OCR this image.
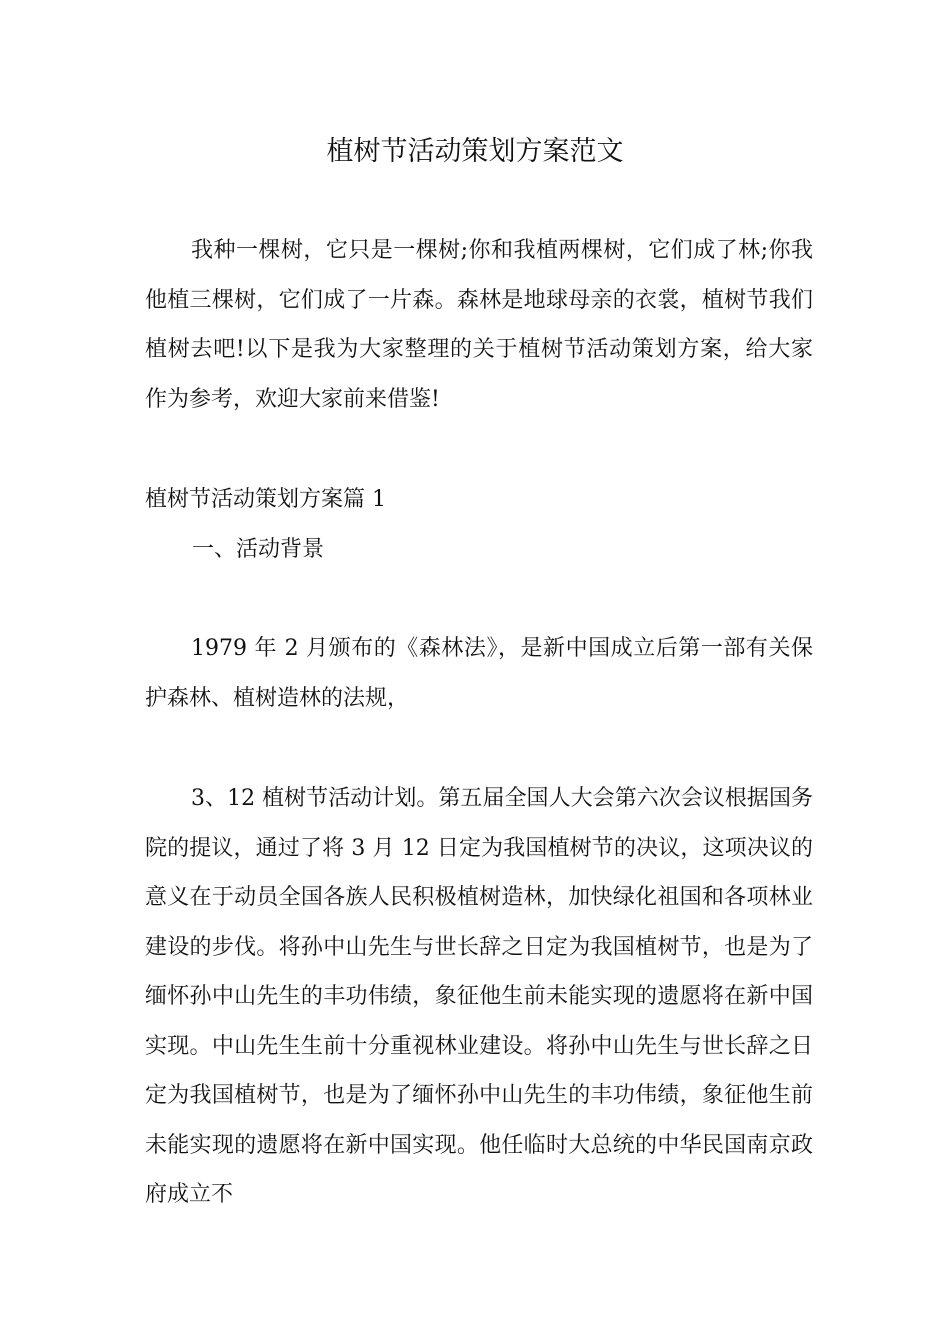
植树节活动策划方案范文

我种一棵树，它只是一棵树;你和我植两棵树，它们成了林;你我他植三棵树，它们成了一片森。森林是地球母亲的衣裳，植树节我们植树去吧!以下是我为大家整理的关于植树节活动策划方案，给大家作为参考，欢迎大家前来借鉴!

植树节活动策划方案篇 1

一、活动背景

1979 年 2 月颁布的《森林法》，是新中国成立后第一部有关保护森林、植树造林的法规，

3、12 植树节活动计划。第五届全国人大会第六次会议根据国务院的提议，通过了将 3 月 12 日定为我国植树节的决议，这项决议的意义在于动员全国各族人民积极植树造林，加快绿化祖国和各项林业建设的步伐。将孙中山先生与世长辞之日定为我国植树节，也是为了缅怀孙中山先生的丰功伟绩，象征他生前未能实现的遗愿将在新中国实现。中山先生生前十分重视林业建设。将孙中山先生与世长辞之日定为我国植树节，也是为了缅怀孙中山先生的丰功伟绩，象征他生前未能实现的遗愿将在新中国实现。他任临时大总统的中华民国南京政府成立不
